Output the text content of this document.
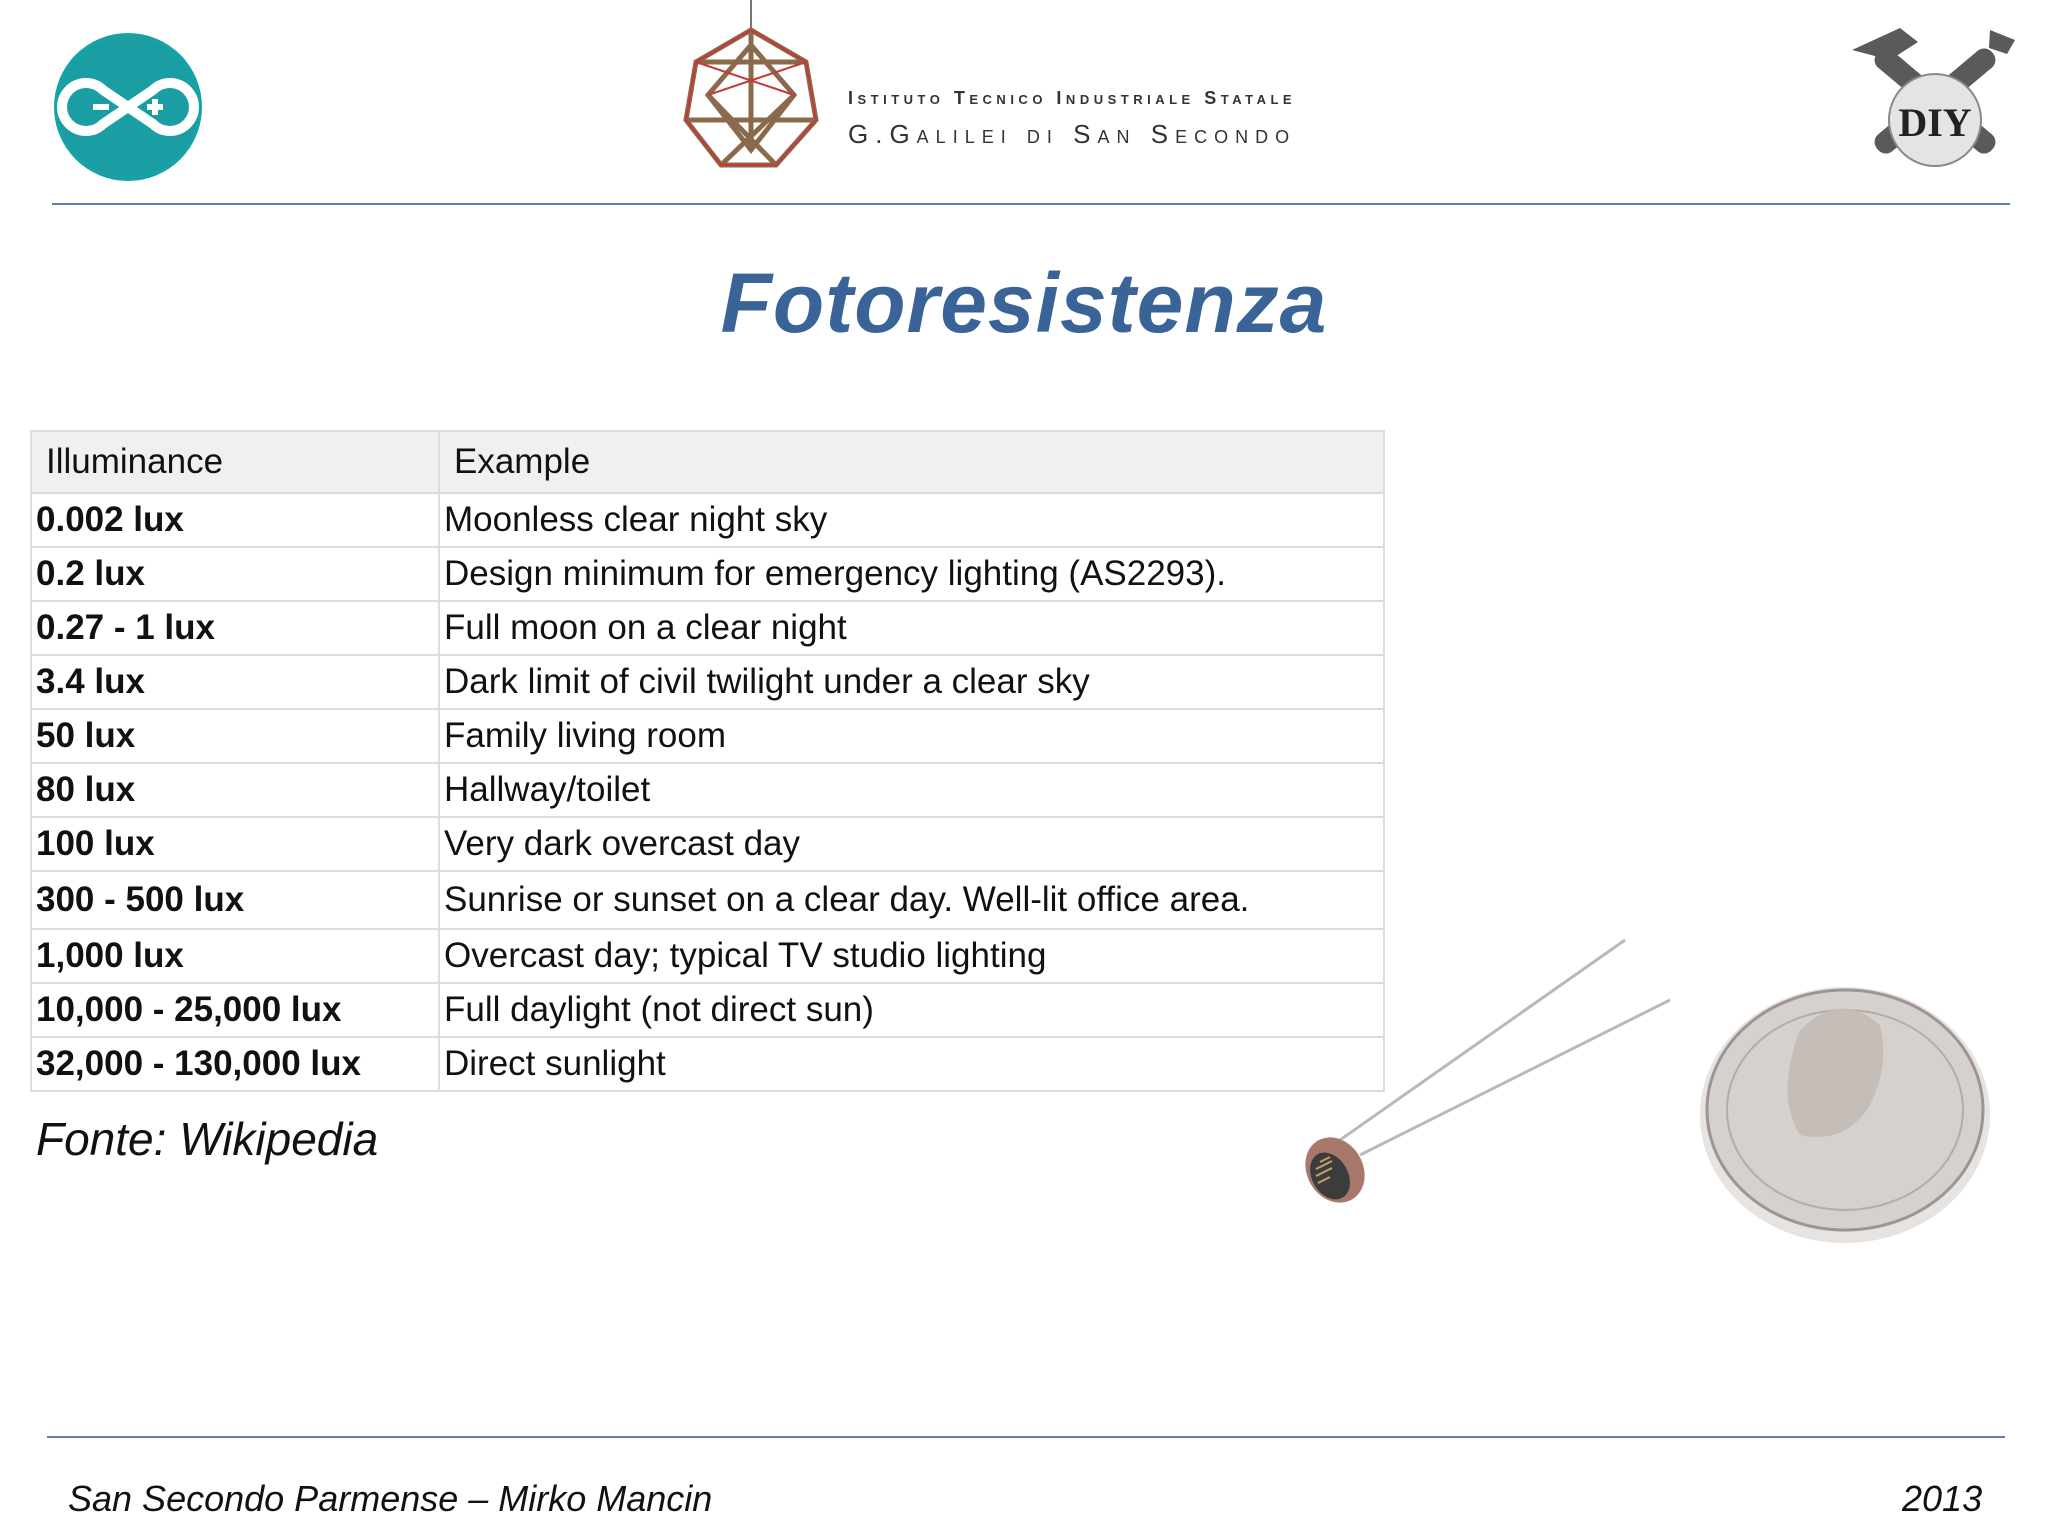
Istituto Tecnico Industriale Statale
G.Galilei di San Secondo	DIY
Fotoresistenza
Illuminance	Example
0.002 lux	Moonless clear night sky
0.2 lux	Design minimum for emergency lighting (AS2293).
0.27 - 1 lux	Full moon on a clear night
3.4 lux	Dark limit of civil twilight under a clear sky
50 lux	Family living room
80 lux	Hallway/toilet
100 lux	Very dark overcast day
300 - 500 lux	Sunrise or sunset on a clear day. Well-lit office area.
1,000 lux	Overcast day; typical TV studio lighting
10,000 - 25,000 lux	Full daylight (not direct sun)
32,000 - 130,000 lux	Direct sunlight
Fonte: Wikipedia
San Secondo Parmense – Mirko Mancin	2013
